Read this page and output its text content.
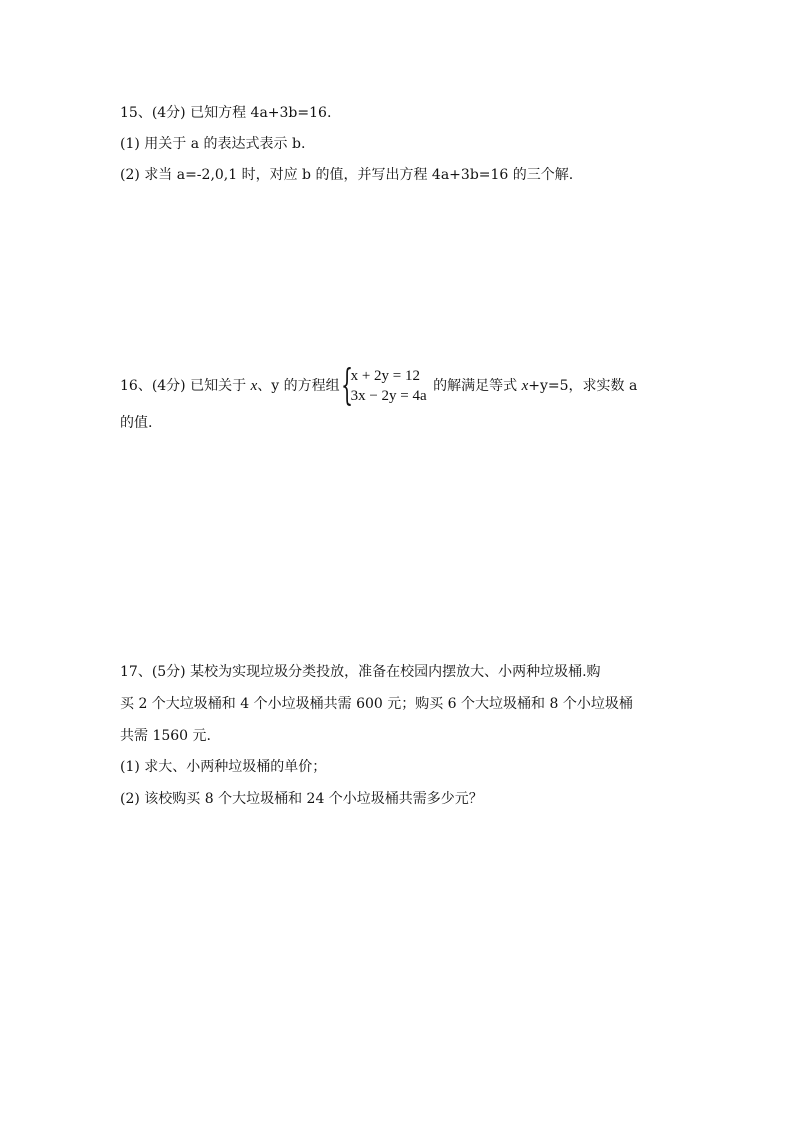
15、(4分) 已知方程 4a+3b=16.
(1) 用关于 a 的表达式表示 b.
(2) 求当 a=-2,0,1 时，对应 b 的值，并写出方程 4a+3b=16 的三个解.
16、(4分) 已知关于 x、y 的方程组 {
x + 2y = 12
3x − 2y = 4a
的解满足等式 x+y=5，求实数 a
的值.
17、(5分) 某校为实现垃圾分类投放，准备在校园内摆放大、小两种垃圾桶.购
买 2 个大垃圾桶和 4 个小垃圾桶共需 600 元；购买 6 个大垃圾桶和 8 个小垃圾桶
共需 1560 元.
(1) 求大、小两种垃圾桶的单价；
(2) 该校购买 8 个大垃圾桶和 24 个小垃圾桶共需多少元？
